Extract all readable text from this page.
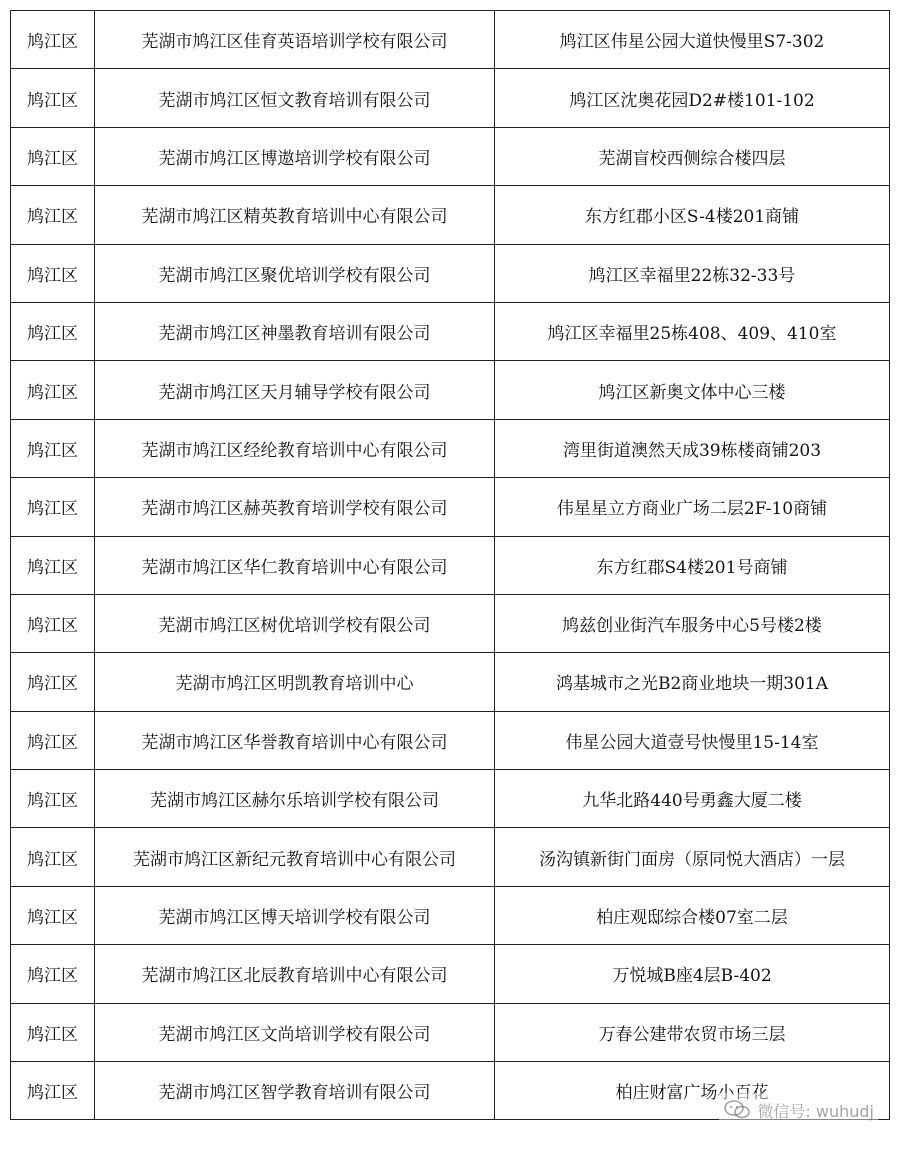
鸠江区	芜湖市鸠江区佳育英语培训学校有限公司	鸠江区伟星公园大道快慢里S7-302
鸠江区	芜湖市鸠江区恒文教育培训有限公司	鸠江区沈奥花园D2#楼101-102
鸠江区	芜湖市鸠江区博遨培训学校有限公司	芜湖盲校西侧综合楼四层
鸠江区	芜湖市鸠江区精英教育培训中心有限公司	东方红郡小区S-4楼201商铺
鸠江区	芜湖市鸠江区聚优培训学校有限公司	鸠江区幸福里22栋32-33号
鸠江区	芜湖市鸠江区神墨教育培训有限公司	鸠江区幸福里25栋408、409、410室
鸠江区	芜湖市鸠江区天月辅导学校有限公司	鸠江区新奥文体中心三楼
鸠江区	芜湖市鸠江区经纶教育培训中心有限公司	湾里街道澳然天成39栋楼商铺203
鸠江区	芜湖市鸠江区赫英教育培训学校有限公司	伟星星立方商业广场二层2F-10商铺
鸠江区	芜湖市鸠江区华仁教育培训中心有限公司	东方红郡S4楼201号商铺
鸠江区	芜湖市鸠江区树优培训学校有限公司	鸠兹创业街汽车服务中心5号楼2楼
鸠江区	芜湖市鸠江区明凯教育培训中心	鸿基城市之光B2商业地块一期301A
鸠江区	芜湖市鸠江区华誉教育培训中心有限公司	伟星公园大道壹号快慢里15-14室
鸠江区	芜湖市鸠江区赫尔乐培训学校有限公司	九华北路440号勇鑫大厦二楼
鸠江区	芜湖市鸠江区新纪元教育培训中心有限公司	汤沟镇新街门面房（原同悦大酒店）一层
鸠江区	芜湖市鸠江区博天培训学校有限公司	柏庄观邸综合楼07室二层
鸠江区	芜湖市鸠江区北辰教育培训中心有限公司	万悦城B座4层B-402
鸠江区	芜湖市鸠江区文尚培训学校有限公司	万春公建带农贸市场三层
鸠江区	芜湖市鸠江区智学教育培训有限公司	柏庄财富广场小百花
微信号: wuhudj
